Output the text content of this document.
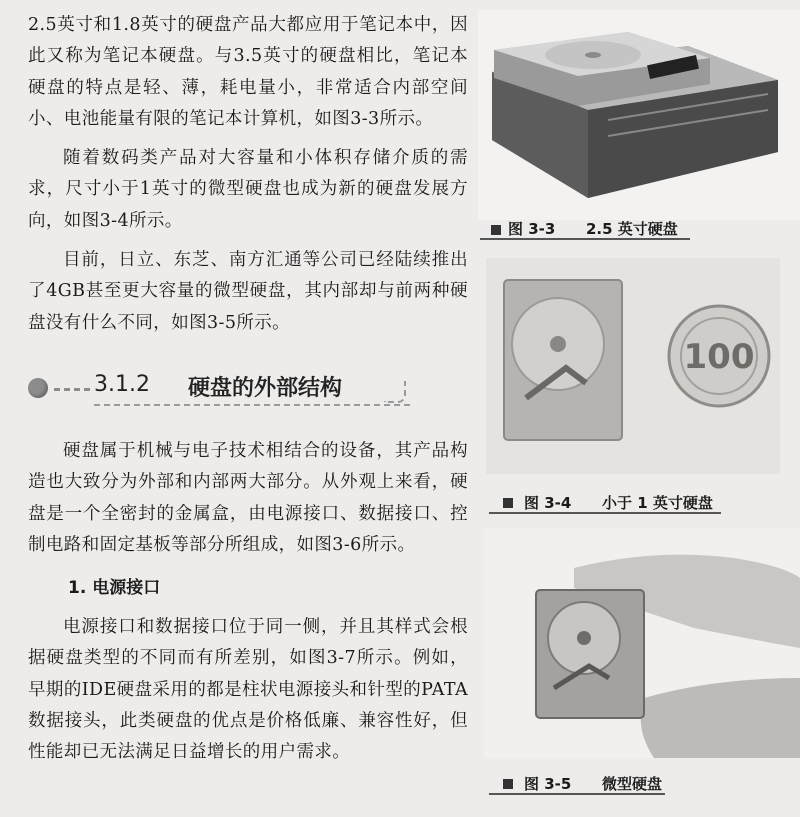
2.5英寸和1.8英寸的硬盘产品大都应用于笔记本中，因此又称为笔记本硬盘。与3.5英寸的硬盘相比，笔记本硬盘的特点是轻、薄，耗电量小，非常适合内部空间小、电池能量有限的笔记本计算机，如图3-3所示。

随着数码类产品对大容量和小体积存储介质的需求，尺寸小于1英寸的微型硬盘也成为新的硬盘发展方向，如图3-4所示。

目前，日立、东芝、南方汇通等公司已经陆续推出了4GB甚至更大容量的微型硬盘，其内部却与前两种硬盘没有什么不同，如图3-5所示。

3.1.2 硬盘的外部结构

硬盘属于机械与电子技术相结合的设备，其产品构造也大致分为外部和内部两大部分。从外观上来看，硬盘是一个全密封的金属盒，由电源接口、数据接口、控制电路和固定基板等部分所组成，如图3-6所示。

1. 电源接口

电源接口和数据接口位于同一侧，并且其样式会根据硬盘类型的不同而有所差别，如图3-7所示。例如，早期的IDE硬盘采用的都是柱状电源接头和针型的PATA数据接头，此类硬盘的优点是价格低廉、兼容性好，但性能却已无法满足日益增长的用户需求。

图 3-3 2.5 英寸硬盘
100
图 3-4 小于 1 英寸硬盘
图 3-5 微型硬盘
